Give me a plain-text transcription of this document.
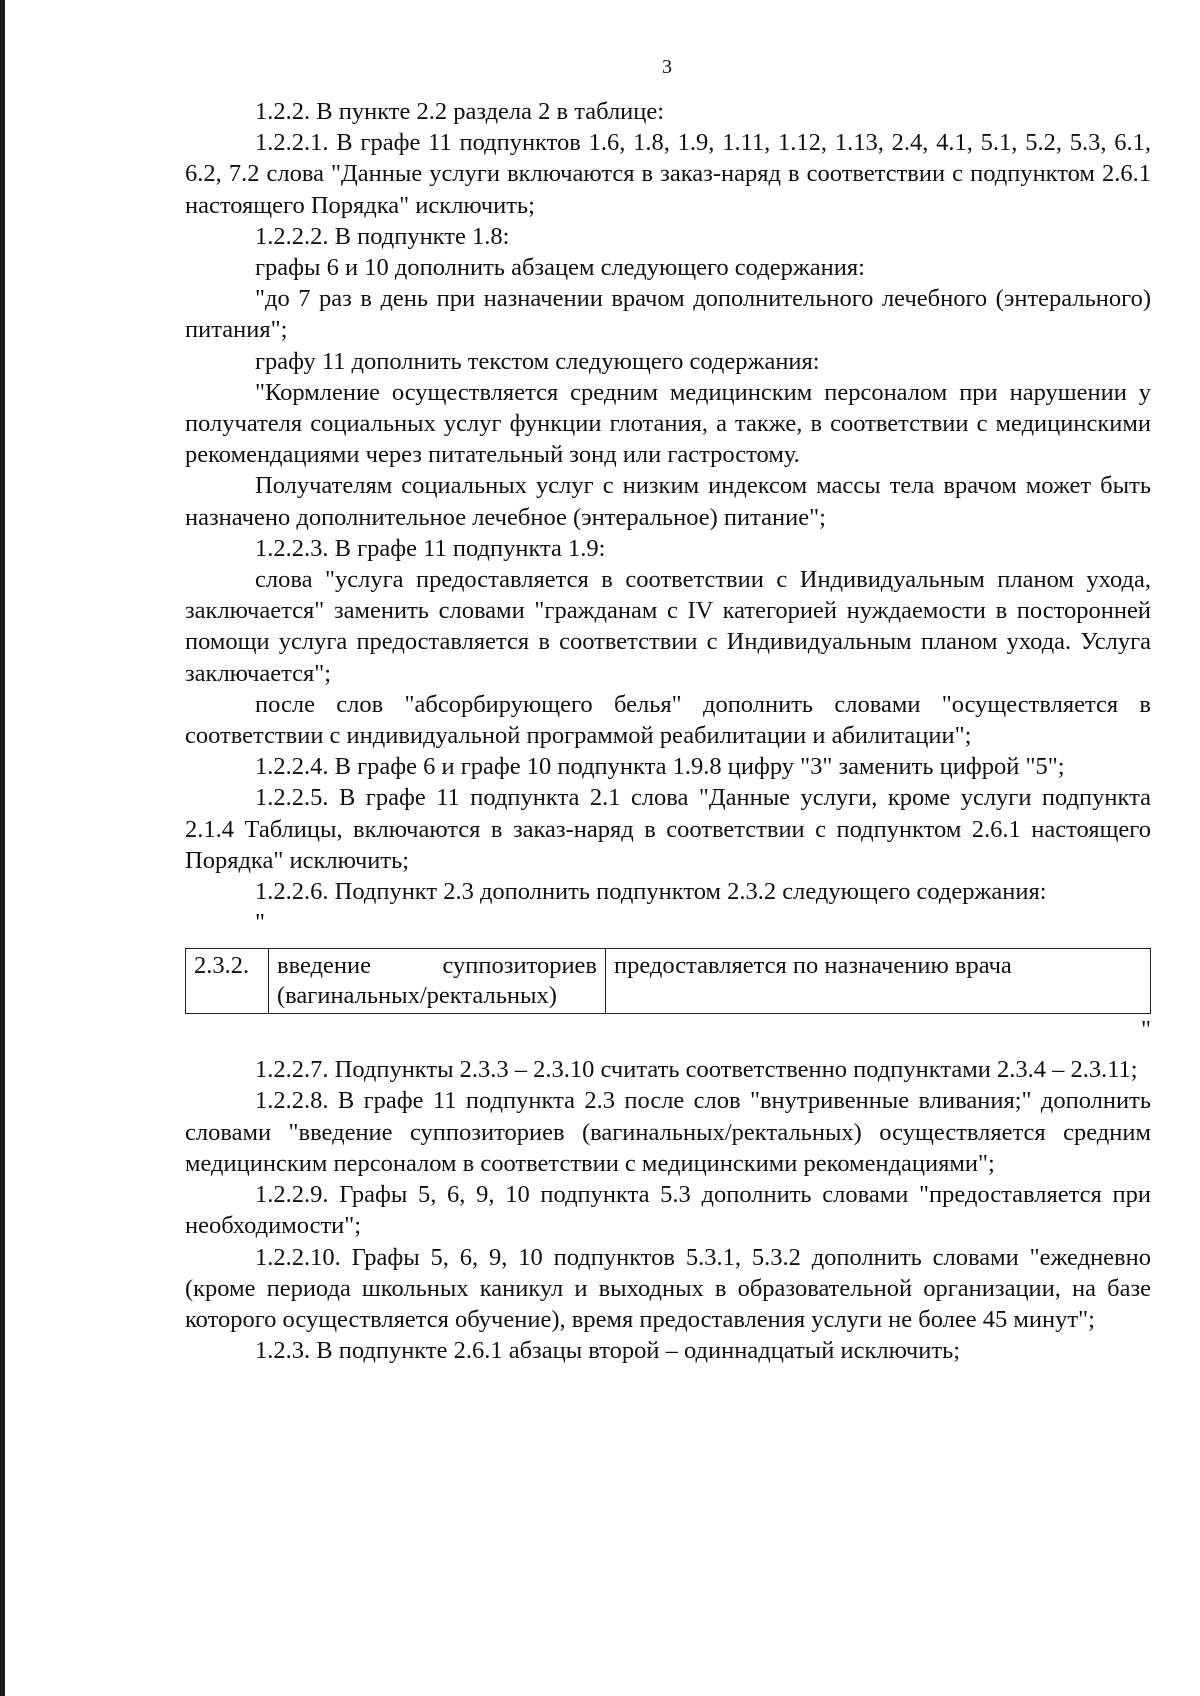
3

1.2.2. В пункте 2.2 раздела 2 в таблице:

1.2.2.1. В графе 11 подпунктов 1.6, 1.8, 1.9, 1.11, 1.12, 1.13, 2.4, 4.1, 5.1, 5.2, 5.3, 6.1, 6.2, 7.2 слова "Данные услуги включаются в заказ-наряд в соответствии с подпунктом 2.6.1 настоящего Порядка" исключить;

1.2.2.2. В подпункте 1.8:

графы 6 и 10 дополнить абзацем следующего содержания:

"до 7 раз в день при назначении врачом дополнительного лечебного (энтерального) питания";

графу 11 дополнить текстом следующего содержания:

"Кормление осуществляется средним медицинским персоналом при нарушении у получателя социальных услуг функции глотания, а также, в соответствии с медицинскими рекомендациями через питательный зонд или гастростому.

Получателям социальных услуг с низким индексом массы тела врачом может быть назначено дополнительное лечебное (энтеральное) питание";

1.2.2.3. В графе 11 подпункта 1.9:

слова "услуга предоставляется в соответствии с Индивидуальным планом ухода, заключается" заменить словами "гражданам с IV категорией нуждаемости в посторонней помощи услуга предоставляется в соответствии с Индивидуальным планом ухода. Услуга заключается";

после слов "абсорбирующего белья" дополнить словами "осуществляется в соответствии с индивидуальной программой реабилитации и абилитации";

1.2.2.4. В графе 6 и графе 10 подпункта 1.9.8 цифру "3" заменить цифрой "5";

1.2.2.5. В графе 11 подпункта 2.1 слова "Данные услуги, кроме услуги подпункта 2.1.4 Таблицы, включаются в заказ-наряд в соответствии с подпунктом 2.6.1 настоящего Порядка" исключить;

1.2.2.6. Подпункт 2.3 дополнить подпунктом 2.3.2 следующего содержания:

"
2.3.2.	введение суппозиториев
(вагинальных/ректальных)
	предоставляется по назначению врача
"

1.2.2.7. Подпункты 2.3.3 – 2.3.10 считать соответственно подпунктами 2.3.4 – 2.3.11;

1.2.2.8. В графе 11 подпункта 2.3 после слов "внутривенные вливания;" дополнить словами "введение суппозиториев (вагинальных/ректальных) осуществляется средним медицинским персоналом в соответствии с медицинскими рекомендациями";

1.2.2.9. Графы 5, 6, 9, 10 подпункта 5.3 дополнить словами "предоставляется при необходимости";

1.2.2.10. Графы 5, 6, 9, 10 подпунктов 5.3.1, 5.3.2 дополнить словами "ежедневно (кроме периода школьных каникул и выходных в образовательной организации, на базе которого осуществляется обучение), время предоставления услуги не более 45 минут";

1.2.3. В подпункте 2.6.1 абзацы второй – одиннадцатый исключить;
